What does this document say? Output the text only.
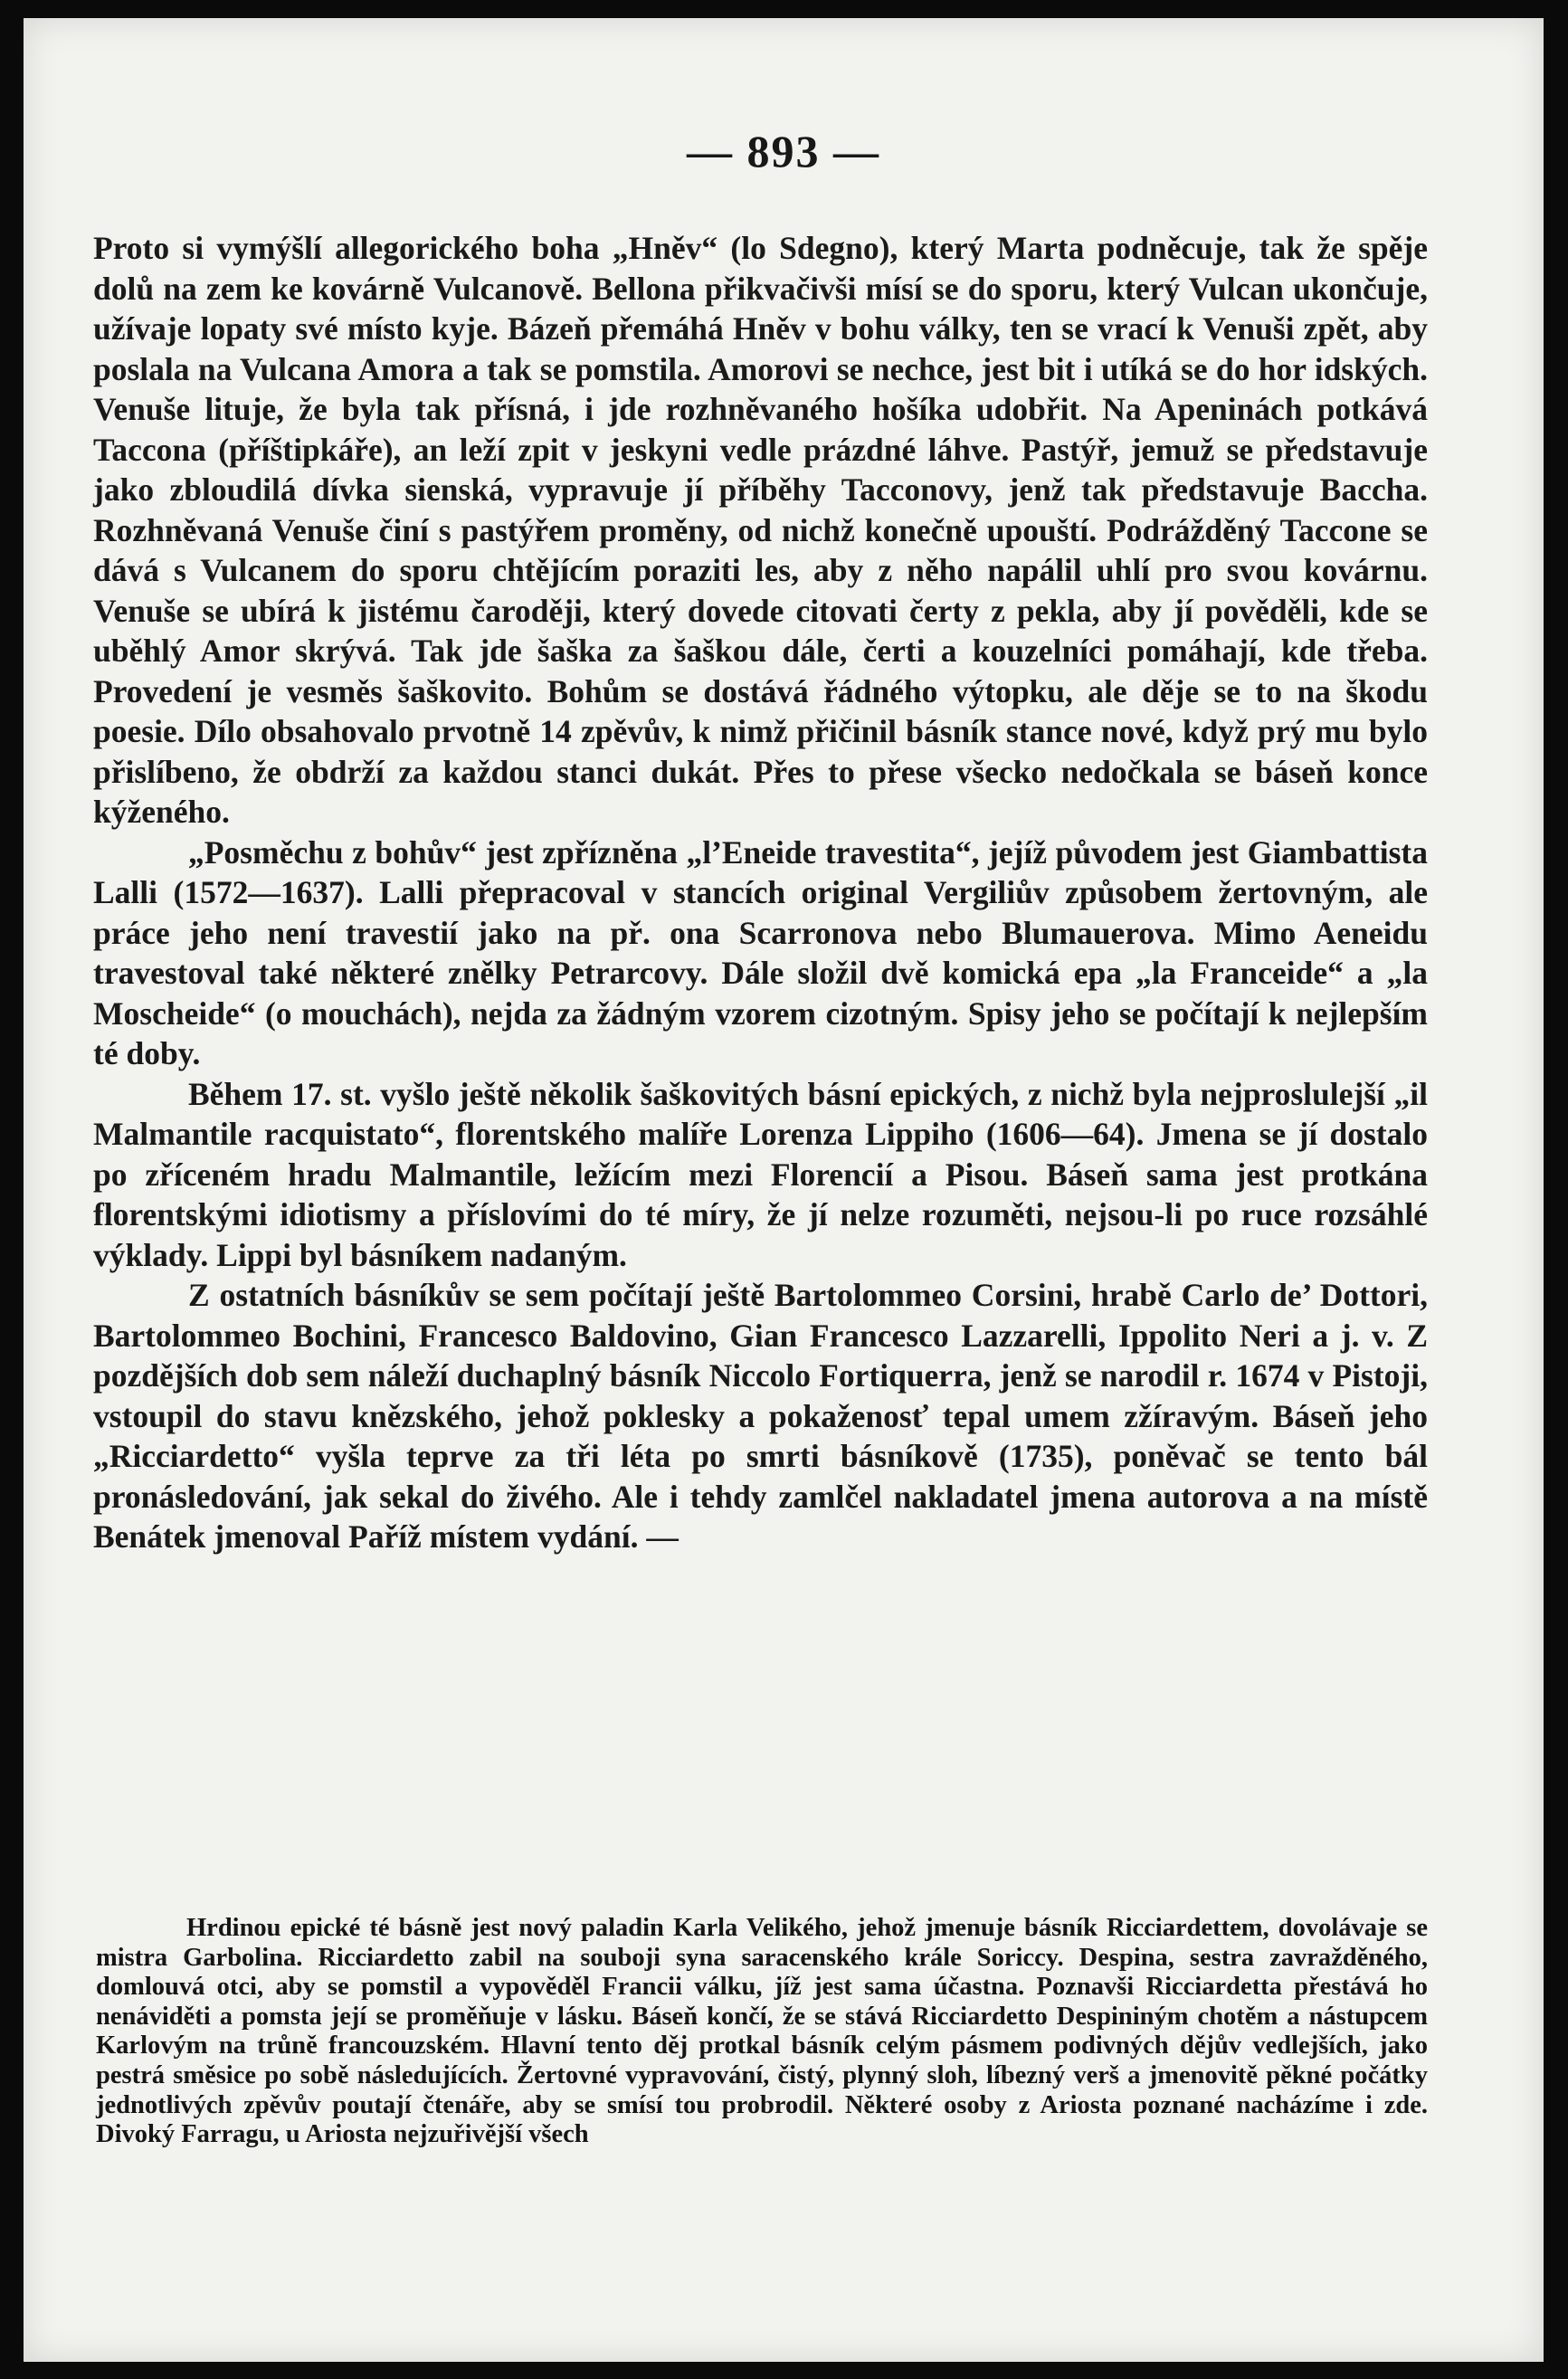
— 893 —

Proto si vymýšlí allegorického boha „Hněv“ (lo Sdegno), který Marta podněcuje, tak že spěje dolů na zem ke kovárně Vulcanově. Bellona přikvačivši mísí se do sporu, který Vulcan ukončuje, užívaje lopaty své místo kyje. Bázeň přemáhá Hněv v bohu války, ten se vrací k Venuši zpět, aby poslala na Vulcana Amora a tak se pomstila. Amorovi se nechce, jest bit i utíká se do hor idských. Venuše lituje, že byla tak přísná, i jde rozhněvaného hošíka udobřit. Na Apeninách potkává Taccona (příštipkáře), an leží zpit v jeskyni vedle prázdné láhve. Pastýř, jemuž se představuje jako zbloudilá dívka sienská, vypravuje jí příběhy Tacconovy, jenž tak představuje Baccha. Rozhněvaná Venuše činí s pastýřem proměny, od nichž konečně upouští. Podrážděný Taccone se dává s Vulcanem do sporu chtějícím poraziti les, aby z něho napálil uhlí pro svou kovárnu. Venuše se ubírá k jistému čaroději, který dovede citovati čerty z pekla, aby jí pověděli, kde se uběhlý Amor skrývá. Tak jde šaška za šaškou dále, čerti a kouzelníci pomáhají, kde třeba. Provedení je vesměs šaškovito. Bohům se dostává řádného výtopku, ale děje se to na škodu poesie. Dílo obsahovalo prvotně 14 zpěvův, k nimž přičinil básník stance nové, když prý mu bylo přislíbeno, že obdrží za každou stanci dukát. Přes to přese všecko nedočkala se báseň konce kýženého.

„Posměchu z bohův“ jest zpřízněna „l’Eneide travestita“, jejíž původem jest Giambattista Lalli (1572—1637). Lalli přepracoval v stancích original Vergiliův způsobem žertovným, ale práce jeho není travestií jako na př. ona Scarronova nebo Blumauerova. Mimo Aeneidu travestoval také některé znělky Petrarcovy. Dále složil dvě komická epa „la Franceide“ a „la Moscheide“ (o mouchách), nejda za žádným vzorem cizotným. Spisy jeho se počítají k nejlepším té doby.

Během 17. st. vyšlo ještě několik šaškovitých básní epických, z nichž byla nejproslulejší „il Malmantile racquistato“, florentského malíře Lorenza Lippiho (1606—64). Jmena se jí dostalo po zříceném hradu Malmantile, ležícím mezi Florencií a Pisou. Báseň sama jest protkána florentskými idiotismy a příslovími do té míry, že jí nelze rozuměti, nejsou-li po ruce rozsáhlé výklady. Lippi byl básníkem nadaným.

Z ostatních básníkův se sem počítají ještě Bartolommeo Corsini, hrabě Carlo de’ Dottori, Bartolommeo Bochini, Francesco Baldovino, Gian Francesco Lazzarelli, Ippolito Neri a j. v. Z pozdějších dob sem náleží duchaplný básník Niccolo Fortiquerra, jenž se narodil r. 1674 v Pistoji, vstoupil do stavu knězského, jehož poklesky a pokaženosť tepal umem zžíravým. Báseň jeho „Ricciardetto“ vyšla teprve za tři léta po smrti básníkově (1735), poněvač se tento bál pronásledování, jak sekal do živého. Ale i tehdy zamlčel nakladatel jmena autorova a na místě Benátek jmenoval Paříž místem vydání. —

Hrdinou epické té básně jest nový paladin Karla Velikého, jehož jmenuje básník Ricciardettem, dovolávaje se mistra Garbolina. Ricciardetto zabil na souboji syna saracenského krále Soriccy. Despina, sestra zavražděného, domlouvá otci, aby se pomstil a vypověděl Francii válku, jíž jest sama účastna. Poznavši Ricciardetta přestává ho nenáviděti a pomsta její se proměňuje v lásku. Báseň končí, že se stává Ricciardetto Despininým chotěm a nástupcem Karlovým na trůně francouzském. Hlavní tento děj protkal básník celým pásmem podivných dějův vedlejších, jako pestrá směsice po sobě následujících. Žertovné vypravování, čistý, plynný sloh, líbezný verš a jmenovitě pěkné počátky jednotlivých zpěvův poutají čtenáře, aby se smísí tou probrodil. Některé osoby z Ariosta poznané nacházíme i zde. Divoký Farragu, u Ariosta nejzuřivější všech
